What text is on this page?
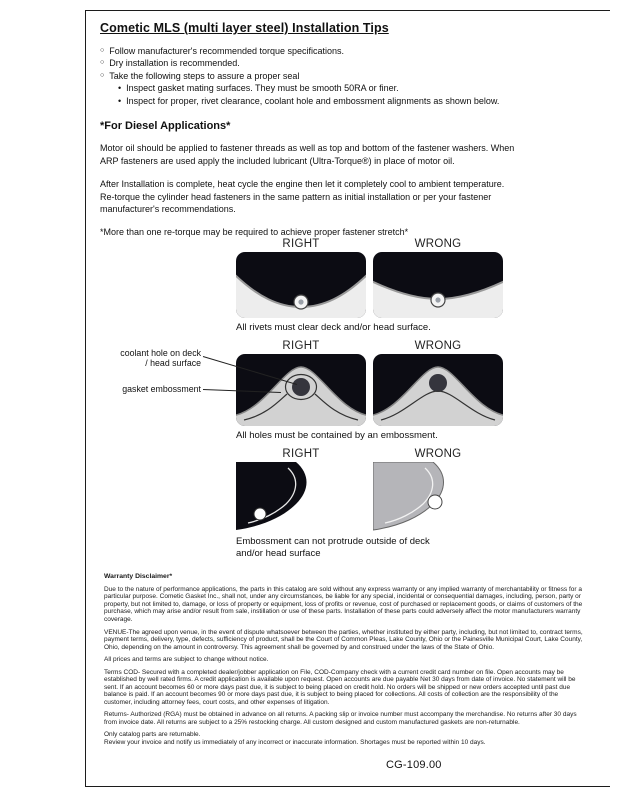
Cometic MLS (multi layer steel) Installation Tips
○ Follow manufacturer's recommended torque specifications.
○ Dry installation is recommended.
○ Take the following steps to assure a proper seal
• Inspect gasket mating surfaces. They must be smooth 50RA or finer.
• Inspect for proper, rivet clearance, coolant hole and embossment alignments as shown below.
*For Diesel Applications*
Motor oil should be applied to fastener threads as well as top and bottom of the fastener washers. When ARP fasteners are used apply the included lubricant (Ultra-Torque®) in place of motor oil.
After Installation is complete, heat cycle the engine then let it completely cool to ambient temperature. Re-torque the cylinder head fasteners in the same pattern as initial installation or per your fastener manufacturer's recommendations.
*More than one re-torque may be required to achieve proper fastener stretch*
RIGHT	WRONG
All rivets must clear deck and/or head surface.
coolant hole on deck / head surface
gasket embossment
RIGHT	WRONG
All holes must be contained by an embossment.
RIGHT	WRONG
Embossment can not protrude outside of deck and/or head surface
Warranty Disclaimer*

Due to the nature of performance applications, the parts in this catalog are sold without any express warranty or any implied warranty of merchantability or fitness for a particular purpose. Cometic Gasket Inc., shall not, under any circumstances, be liable for any special, incidental or consequential damages, including, person, party or property, but not limited to, damage, or loss of property or equipment, loss of profits or revenue, cost of purchased or replacement goods, or claims of customers of the purchase, which may arise and/or result from sale, instillation or use of these parts. Installation of these parts could adversely affect the motor manufacturers warranty coverage.

VENUE-The agreed upon venue, in the event of dispute whatsoever between the parties, whether instituted by either party, including, but not limited to, contract terms, payment terms, delivery, type, defects, sufficiency of product, shall be the Court of Common Pleas, Lake County, Ohio or the Painesville Municipal Court, Lake County, Ohio, depending on the amount in controversy. This agreement shall be governed by and construed under the laws of the State of Ohio.

All prices and terms are subject to change without notice.

Terms COD- Secured with a completed dealer/jobber application on File, COD-Company check with a current credit card number on file. Open accounts may be established by well rated firms. A credit application is available upon request. Open accounts are due payable Net 30 days from date of invoice. No statement will be sent. If an account becomes 60 or more days past due, it is subject to being placed on credit hold. No orders will be shipped or new orders accepted until past due balance is paid. If an account becomes 90 or more days past due, it is subject to being placed for collections. All costs of collection are the responsibility of the customer, including attorney fees, court costs, and other expenses of litigation.

Returns- Authorized (RGA) must be obtained in advance on all returns. A packing slip or invoice number must accompany the merchandise. No returns after 30 days from invoice date. All returns are subject to a 25% restocking charge. All custom designed and custom manufactured gaskets are non-returnable.

Only catalog parts are returnable.

Review your invoice and notify us immediately of any incorrect or inaccurate information. Shortages must be reported within 10 days.

CG-109.00
